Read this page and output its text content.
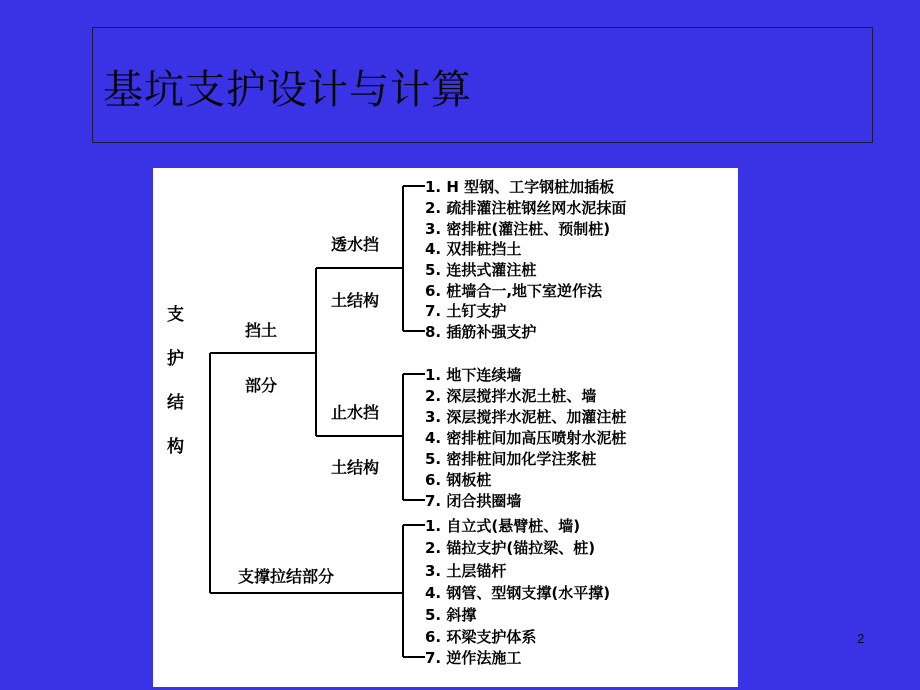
基坑支护设计与计算
支
护
结
构
挡土
部分
透水挡
土结构
止水挡
土结构
支撑拉结部分
1. H 型钢、工字钢桩加插板
2. 疏排灌注桩钢丝网水泥抹面
3. 密排桩(灌注桩、预制桩)
4. 双排桩挡土
5. 连拱式灌注桩
6. 桩墙合一,地下室逆作法
7. 土钉支护
8. 插筋补强支护
1. 地下连续墙
2. 深层搅拌水泥土桩、墙
3. 深层搅拌水泥桩、加灌注桩
4. 密排桩间加高压喷射水泥桩
5. 密排桩间加化学注浆桩
6. 钢板桩
7. 闭合拱圈墙
1. 自立式(悬臂桩、墙)
2. 锚拉支护(锚拉梁、桩)
3. 土层锚杆
4. 钢管、型钢支撑(水平撑)
5. 斜撑
6. 环梁支护体系
7. 逆作法施工
2
